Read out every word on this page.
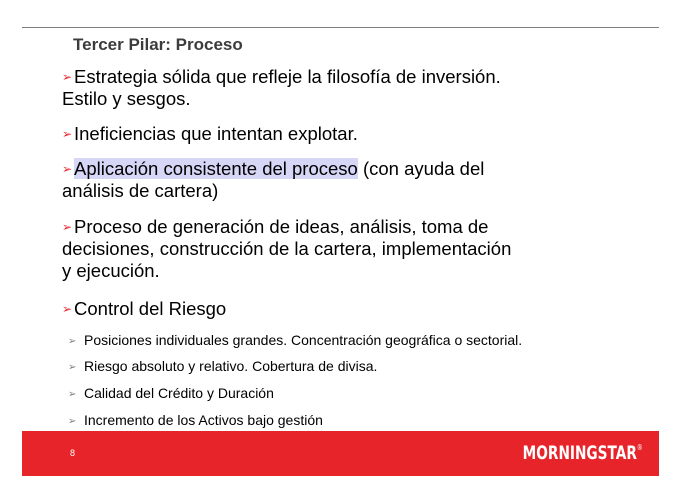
Tercer Pilar: Proceso
➢ Estrategia sólida que refleje la filosofía de inversión.
Estilo y sesgos.
➢ Ineficiencias que intentan explotar.
➢ Aplicación consistente del proceso (con ayuda del
análisis de cartera)
➢ Proceso de generación de ideas, análisis, toma de
decisiones, construcción de la cartera, implementación
y ejecución.
➢ Control del Riesgo
➢ Posiciones individuales grandes. Concentración geográfica o sectorial.
➢ Riesgo absoluto y relativo. Cobertura de divisa.
➢ Calidad del Crédito y Duración
➢ Incremento de los Activos bajo gestión
8	MORNINGSTAR®
